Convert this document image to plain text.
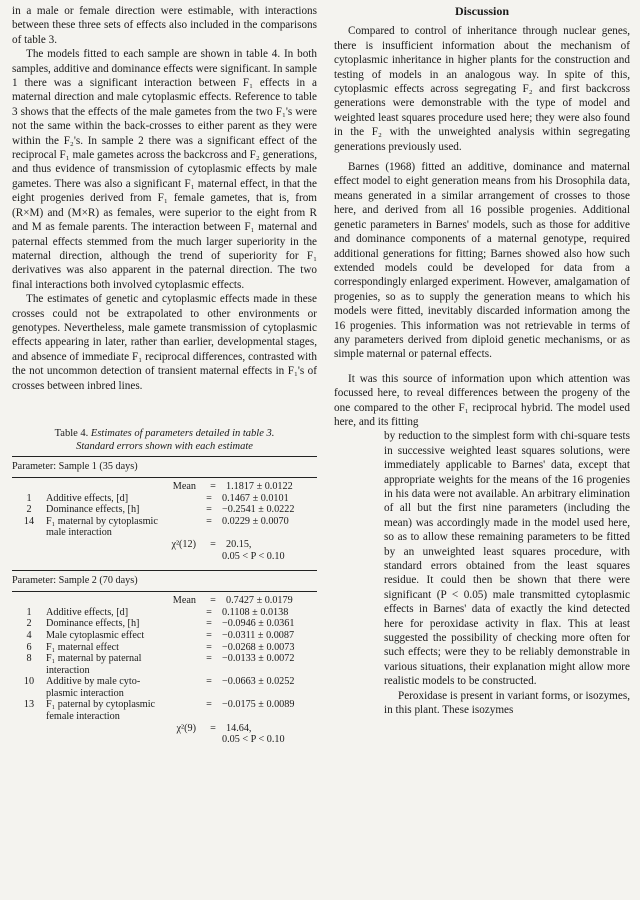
in a male or female direction were estimable, with interactions between these three sets of effects also included in the comparisons of table 3.

The models fitted to each sample are shown in table 4. In both samples, additive and dominance effects were significant. In sample 1 there was a significant interaction between F₁ effects in a maternal direction and male cytoplasmic effects. Reference to table 3 shows that the effects of the male gametes from the two F₁'s were not the same within the back-crosses to either parent as they were within the F₂'s. In sample 2 there was a significant effect of the reciprocal F₁ male gametes across the backcross and F₂ generations, and thus evidence of transmission of cytoplasmic effects by male gametes. There was also a significant F₁ maternal effect, in that the eight progenies derived from F₁ female gametes, that is, from (R×M) and (M×R) as females, were superior to the eight from R and M as female parents. The interaction between F₁ maternal and paternal effects stemmed from the much larger superiority in the maternal direction, although the trend of superiority for F₁ derivatives was also apparent in the paternal direction. The two final interactions both involved cytoplasmic effects.

The estimates of genetic and cytoplasmic effects made in these crosses could not be extrapolated to other environments or genotypes. Nevertheless, male gamete transmission of cytoplasmic effects appearing in later, rather than earlier, developmental stages, and absence of immediate F₁ reciprocal differences, contrasted with the not uncommon detection of transient maternal effects in F₁'s of crosses between inbred lines.

Table 4. Estimates of parameters detailed in table 3.
Standard errors shown with each estimate
Parameter: Sample 1 (35 days)
Mean	= 1.1817 ± 0.0122
1	Additive effects, [d]	= 0.1467 ± 0.0101
2	Dominance effects, [h]	= −0.2541 ± 0.0222
14	F₁ maternal by cytoplasmic	= 0.0229 ± 0.0070
male interaction
χ²(12)	= 20.15,
0.05 < P < 0.10
Parameter: Sample 2 (70 days)
Mean	= 0.7427 ± 0.0179
1	Additive effects, [d]	= 0.1108 ± 0.0138
2	Dominance effects, [h]	= −0.0946 ± 0.0361
4	Male cytoplasmic effect	= −0.0311 ± 0.0087
6	F₁ maternal effect	= −0.0268 ± 0.0073
8	F₁ maternal by paternal	= −0.0133 ± 0.0072
interaction
10	Additive by male cyto-	= −0.0663 ± 0.0252
plasmic interaction
13	F₁ paternal by cytoplasmic	= −0.0175 ± 0.0089
female interaction
χ²(9)	= 14.64,
0.05 < P < 0.10
Discussion

Compared to control of inheritance through nuclear genes, there is insufficient information about the mechanism of cytoplasmic inheritance in higher plants for the construction and testing of models in an analogous way. In spite of this, cytoplasmic effects across segregating F₂ and first backcross generations were demonstrable with the type of model and weighted least squares procedure used here; they were also found in the F₂ with the unweighted analysis within segregating generations previously used.

Barnes (1968) fitted an additive, dominance and maternal effect model to eight generation means from his Drosophila data, means generated in a similar arrangement of crosses to those here, and derived from all 16 possible progenies. Additional genetic parameters in Barnes' models, such as those for additive and dominance components of a maternal genotype, required additional generations for fitting; Barnes showed also how such extended models could be developed for data from a correspondingly enlarged experiment. However, amalgamation of progenies, so as to supply the generation means to which his models were fitted, inevitably discarded information among the 16 progenies. This information was not retrievable in terms of any parameters derived from diploid genetic mechanisms, or as simple maternal or paternal effects.

It was this source of information upon which attention was focussed here, to reveal differences between the progeny of the one compared to the other F₁ reciprocal hybrid. The model used here, and its fitting

by reduction to the simplest form with chi-square tests in successive weighted least squares solutions, were immediately applicable to Barnes' data, except that appropriate weights for the means of the 16 progenies in his data were not available. An arbitrary elimination of all but the first nine parameters (including the mean) was accordingly made in the model used here, so as to allow these remaining parameters to be fitted by an unweighted least squares procedure, with standard errors obtained from the least squares residue. It could then be shown that there were significant (P < 0.05) male transmitted cytoplasmic effects in Barnes' data of exactly the kind detected here for peroxidase activity in flax. This at least suggested the possibility of checking more often for such effects; were they to be reliably demonstrable in various situations, their explanation might allow more realistic models to be constructed.

Peroxidase is present in variant forms, or isozymes, in this plant. These isozymes
